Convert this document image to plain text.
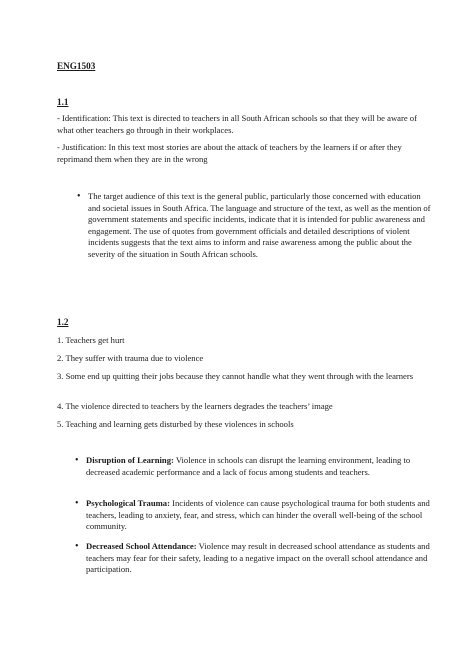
ENG1503

1.1

- Identification: This text is directed to teachers in all South African schools so that they will be aware of what other teachers go through in their workplaces.

- Justification: In this text most stories are about the attack of teachers by the learners if or after they reprimand them when they are in the wrong

• The target audience of this text is the general public, particularly those concerned with education and societal issues in South Africa. The language and structure of the text, as well as the mention of government statements and specific incidents, indicate that it is intended for public awareness and engagement. The use of quotes from government officials and detailed descriptions of violent incidents suggests that the text aims to inform and raise awareness among the public about the severity of the situation in South African schools.

1.2

1. Teachers get hurt

2. They suffer with trauma due to violence

3. Some end up quitting their jobs because they cannot handle what they went through with the learners

4. The violence directed to teachers by the learners degrades the teachers’ image

5. Teaching and learning gets disturbed by these violences in schools

• Disruption of Learning: Violence in schools can disrupt the learning environment, leading to decreased academic performance and a lack of focus among students and teachers.
• Psychological Trauma: Incidents of violence can cause psychological trauma for both students and teachers, leading to anxiety, fear, and stress, which can hinder the overall well-being of the school community.
• Decreased School Attendance: Violence may result in decreased school attendance as students and teachers may fear for their safety, leading to a negative impact on the overall school attendance and participation.
